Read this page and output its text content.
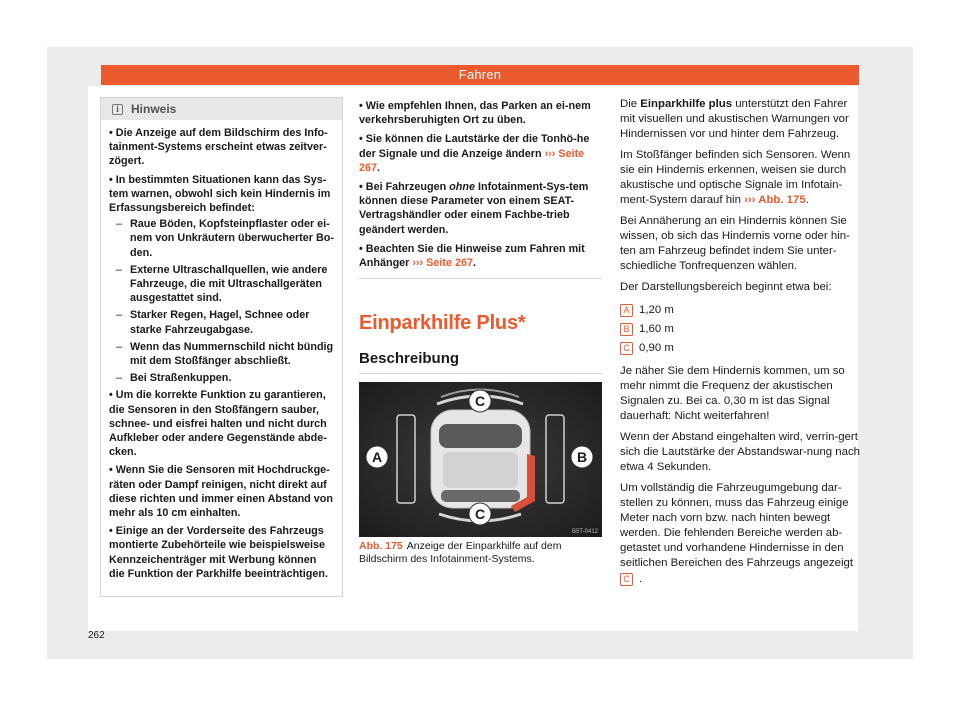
Fahren
i	Hinweis

• Die Anzeige auf dem Bildschirm des Info-tainment-Systems erscheint etwas zeitver-zögert.

• In bestimmten Situationen kann das Sys-tem warnen, obwohl sich kein Hindernis im Erfassungsbereich befindet:

– Raue Böden, Kopfsteinpflaster oder ei-nem von Unkräutern überwucherter Bo-den.
– Externe Ultraschallquellen, wie andere Fahrzeuge, die mit Ultraschallgeräten ausgestattet sind.
– Starker Regen, Hagel, Schnee oder starke Fahrzeugabgase.
– Wenn das Nummernschild nicht bündig mit dem Stoßfänger abschließt.
– Bei Straßenkuppen.

• Um die korrekte Funktion zu garantieren, die Sensoren in den Stoßfängern sauber, schnee- und eisfrei halten und nicht durch Aufkleber oder andere Gegenstände abde-cken.

• Wenn Sie die Sensoren mit Hochdruckge-räten oder Dampf reinigen, nicht direkt auf diese richten und immer einen Abstand von mehr als 10 cm einhalten.

• Einige an der Vorderseite des Fahrzeugs montierte Zubehörteile wie beispielsweise Kennzeichenträger mit Werbung können die Funktion der Parkhilfe beeinträchtigen.

• Wie empfehlen Ihnen, das Parken an ei-nem verkehrsberuhigten Ort zu üben.

• Sie können die Lautstärke der die Tonhö-he der Signale und die Anzeige ändern ››› Seite 267.

• Bei Fahrzeugen ohne Infotainment-Sys-tem können diese Parameter von einem SEAT-Vertragshändler oder einem Fachbe-trieb geändert werden.

• Beachten Sie die Hinweise zum Fahren mit Anhänger ››› Seite 267.

Einparkhilfe Plus*
Beschreibung
C
A	B
C
B5T-0412
Abb. 175 Anzeige der Einparkhilfe auf dem Bildschirm des Infotainment-Systems.

Die Einparkhilfe plus unterstützt den Fahrer mit visuellen und akustischen Warnungen vor Hindernissen vor und hinter dem Fahrzeug.

Im Stoßfänger befinden sich Sensoren. Wenn sie ein Hindernis erkennen, weisen sie durch akustische und optische Signale im Infotain-ment-System darauf hin ››› Abb. 175.

Bei Annäherung an ein Hindernis können Sie wissen, ob sich das Hindernis vorne oder hin-ten am Fahrzeug befindet indem Sie unter-schiedliche Tonfrequenzen wählen.

Der Darstellungsbereich beginnt etwa bei:

A 1,20 m
B 1,60 m
C 0,90 m

Je näher Sie dem Hindernis kommen, um so mehr nimmt die Frequenz der akustischen Signalen zu. Bei ca. 0,30 m ist das Signal dauerhaft: Nicht weiterfahren!

Wenn der Abstand eingehalten wird, verrin-gert sich die Lautstärke der Abstandswar-nung nach etwa 4 Sekunden.

Um vollständig die Fahrzeugumgebung dar-stellen zu können, muss das Fahrzeug einige Meter nach vorn bzw. nach hinten bewegt werden. Die fehlenden Bereiche werden ab-getastet und vorhandene Hindernisse in den seitlichen Bereichen des Fahrzeugs angezeigt
C .

262
